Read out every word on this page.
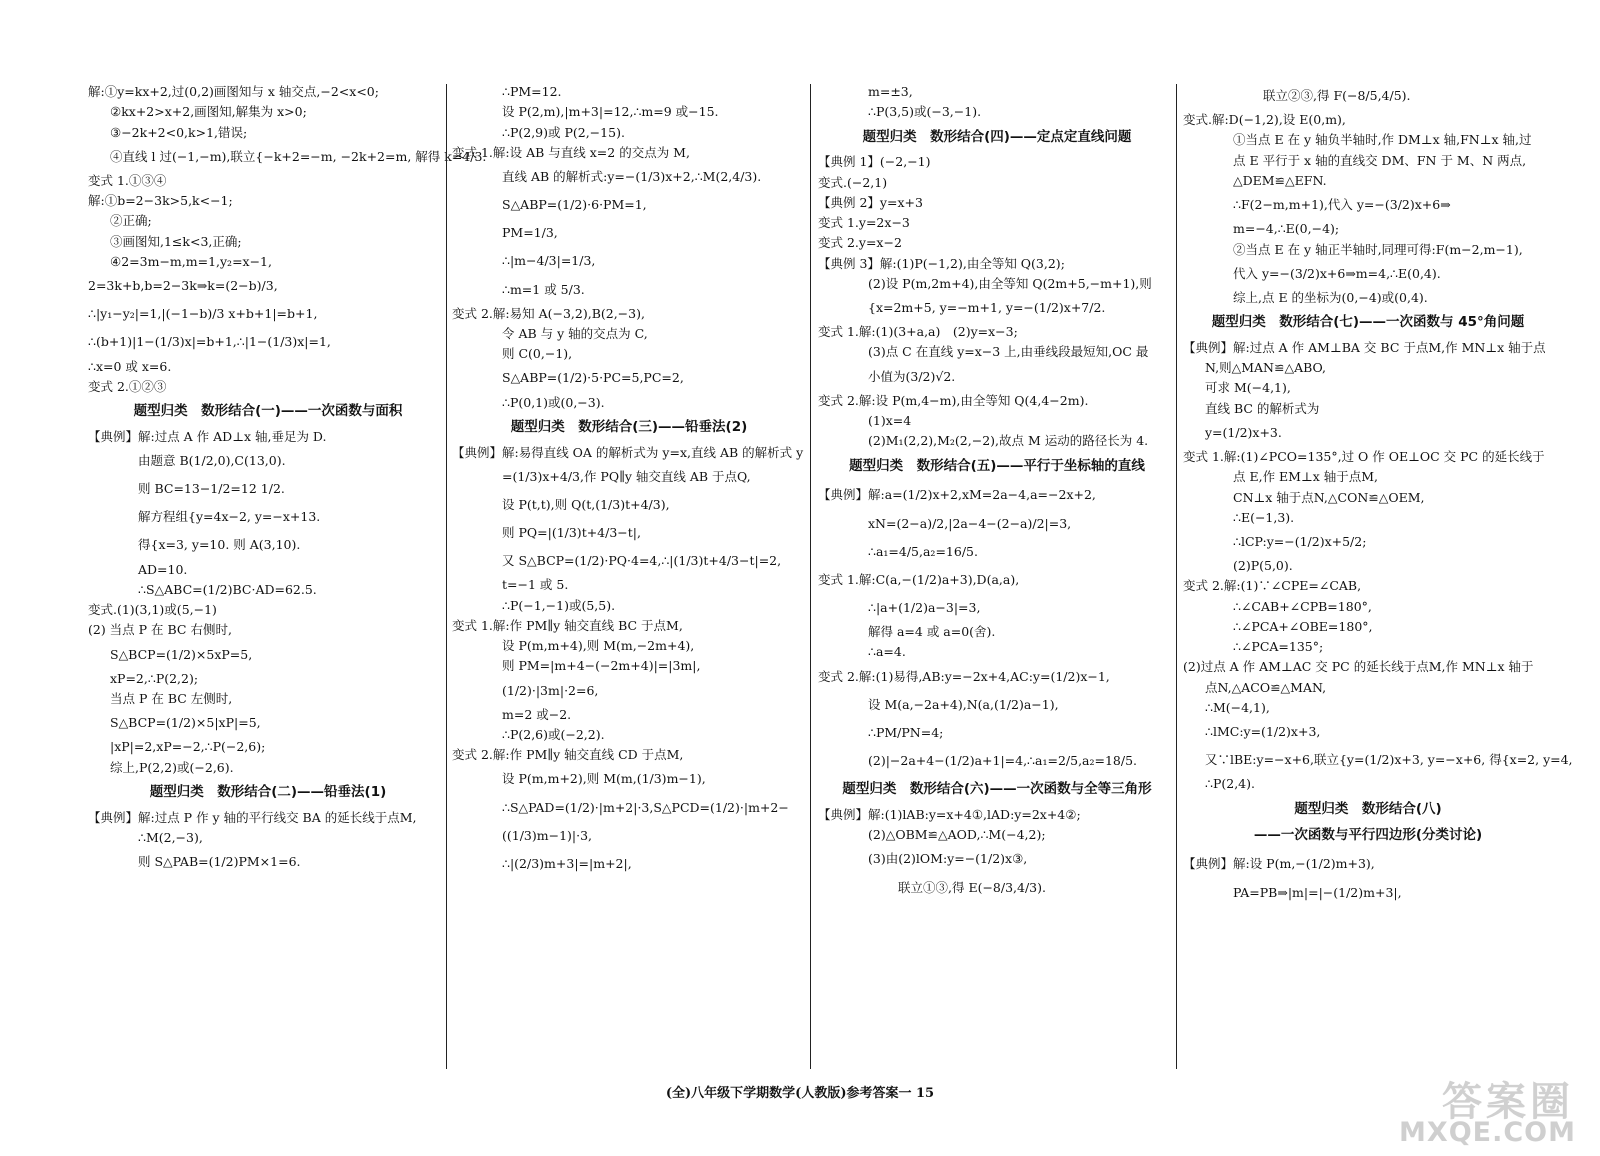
解:①y=kx+2,过(0,2)画图知与 x 轴交点,−2<x<0;
②kx+2>x+2,画图知,解集为 x>0;
③−2k+2<0,k>1,错误;
④直线 l 过(−1,−m),联立{−k+2=−m, −2k+2=m, 解得 k=4/3.
变式 1.①③④
解:①b=2−3k>5,k<−1;
②正确;
③画图知,1≤k<3,正确;
④2=3m−m,m=1,y₂=x−1,
2=3k+b,b=2−3k⇒k=(2−b)/3,
∴|y₁−y₂|=1,|(−1−b)/3 x+b+1|=b+1,
∴(b+1)|1−(1/3)x|=b+1,∴|1−(1/3)x|=1,
∴x=0 或 x=6.
变式 2.①②③
题型归类　数形结合(一)——一次函数与面积
【典例】解:过点 A 作 AD⊥x 轴,垂足为 D.
由题意 B(1/2,0),C(13,0).
则 BC=13−1/2=12 1/2.
解方程组{y=4x−2, y=−x+13.
得{x=3, y=10. 则 A(3,10).
AD=10.
∴S△ABC=(1/2)BC·AD=62.5.
变式.(1)(3,1)或(5,−1)
(2) 当点 P 在 BC 右侧时,
S△BCP=(1/2)×5xP=5,
xP=2,∴P(2,2);
当点 P 在 BC 左侧时,
S△BCP=(1/2)×5|xP|=5,
|xP|=2,xP=−2,∴P(−2,6);
综上,P(2,2)或(−2,6).
题型归类　数形结合(二)——铅垂法(1)
【典例】解:过点 P 作 y 轴的平行线交 BA 的延长线于点M,
∴M(2,−3),
则 S△PAB=(1/2)PM×1=6.
∴PM=12.
设 P(2,m),|m+3|=12,∴m=9 或−15.
∴P(2,9)或 P(2,−15).
变式 1.解:设 AB 与直线 x=2 的交点为 M,
直线 AB 的解析式:y=−(1/3)x+2,∴M(2,4/3).
S△ABP=(1/2)·6·PM=1,
PM=1/3,
∴|m−4/3|=1/3,
∴m=1 或 5/3.
变式 2.解:易知 A(−3,2),B(2,−3),
令 AB 与 y 轴的交点为 C,
则 C(0,−1),
S△ABP=(1/2)·5·PC=5,PC=2,
∴P(0,1)或(0,−3).
题型归类　数形结合(三)——铅垂法(2)
【典例】解:易得直线 OA 的解析式为 y=x,直线 AB 的解析式 y
=(1/3)x+4/3,作 PQ∥y 轴交直线 AB 于点Q,
设 P(t,t),则 Q(t,(1/3)t+4/3),
则 PQ=|(1/3)t+4/3−t|,
又 S△BCP=(1/2)·PQ·4=4,∴|(1/3)t+4/3−t|=2,
t=−1 或 5.
∴P(−1,−1)或(5,5).
变式 1.解:作 PM∥y 轴交直线 BC 于点M,
设 P(m,m+4),则 M(m,−2m+4),
则 PM=|m+4−(−2m+4)|=|3m|,
(1/2)·|3m|·2=6,
m=2 或−2.
∴P(2,6)或(−2,2).
变式 2.解:作 PM∥y 轴交直线 CD 于点M,
设 P(m,m+2),则 M(m,(1/3)m−1),
∴S△PAD=(1/2)·|m+2|·3,S△PCD=(1/2)·|m+2−
((1/3)m−1)|·3,
∴|(2/3)m+3|=|m+2|,
m=±3,
∴P(3,5)或(−3,−1).
题型归类　数形结合(四)——定点定直线问题
【典例 1】(−2,−1)
变式.(−2,1)
【典例 2】y=x+3
变式 1.y=2x−3
变式 2.y=x−2
【典例 3】解:(1)P(−1,2),由全等知 Q(3,2);
(2)设 P(m,2m+4),由全等知 Q(2m+5,−m+1),则
{x=2m+5, y=−m+1, y=−(1/2)x+7/2.
变式 1.解:(1)(3+a,a)　(2)y=x−3;
(3)点 C 在直线 y=x−3 上,由垂线段最短知,OC 最
小值为(3/2)√2.
变式 2.解:设 P(m,4−m),由全等知 Q(4,4−2m).
(1)x=4
(2)M₁(2,2),M₂(2,−2),故点 M 运动的路径长为 4.
题型归类　数形结合(五)——平行于坐标轴的直线
【典例】解:a=(1/2)x+2,xM=2a−4,a=−2x+2,
xN=(2−a)/2,|2a−4−(2−a)/2|=3,
∴a₁=4/5,a₂=16/5.
变式 1.解:C(a,−(1/2)a+3),D(a,a),
∴|a+(1/2)a−3|=3,
解得 a=4 或 a=0(舍).
∴a=4.
变式 2.解:(1)易得,AB:y=−2x+4,AC:y=(1/2)x−1,
设 M(a,−2a+4),N(a,(1/2)a−1),
∴PM/PN=4;
(2)|−2a+4−(1/2)a+1|=4,∴a₁=2/5,a₂=18/5.
题型归类　数形结合(六)——一次函数与全等三角形
【典例】解:(1)lAB:y=x+4①,lAD:y=2x+4②;
(2)△OBM≌△AOD,∴M(−4,2);
(3)由(2)lOM:y=−(1/2)x③,
联立①③,得 E(−8/3,4/3).
联立②③,得 F(−8/5,4/5).
变式.解:D(−1,2),设 E(0,m),
①当点 E 在 y 轴负半轴时,作 DM⊥x 轴,FN⊥x 轴,过
点 E 平行于 x 轴的直线交 DM、FN 于 M、N 两点,
△DEM≌△EFN.
∴F(2−m,m+1),代入 y=−(3/2)x+6⇒
m=−4,∴E(0,−4);
②当点 E 在 y 轴正半轴时,同理可得:F(m−2,m−1),
代入 y=−(3/2)x+6⇒m=4,∴E(0,4).
综上,点 E 的坐标为(0,−4)或(0,4).
题型归类　数形结合(七)——一次函数与 45°角问题
【典例】解:过点 A 作 AM⊥BA 交 BC 于点M,作 MN⊥x 轴于点
N,则△MAN≌△ABO,
可求 M(−4,1),
直线 BC 的解析式为
y=(1/2)x+3.
变式 1.解:(1)∠PCO=135°,过 O 作 OE⊥OC 交 PC 的延长线于
点 E,作 EM⊥x 轴于点M,
CN⊥x 轴于点N,△CON≌△OEM,
∴E(−1,3).
∴lCP:y=−(1/2)x+5/2;
(2)P(5,0).
变式 2.解:(1)∵∠CPE=∠CAB,
∴∠CAB+∠CPB=180°,
∴∠PCA+∠OBE=180°,
∴∠PCA=135°;
(2)过点 A 作 AM⊥AC 交 PC 的延长线于点M,作 MN⊥x 轴于
点N,△ACO≌△MAN,
∴M(−4,1),
∴lMC:y=(1/2)x+3,
又∵lBE:y=−x+6,联立{y=(1/2)x+3, y=−x+6, 得{x=2, y=4,
∴P(2,4).
题型归类　数形结合(八)
——一次函数与平行四边形(分类讨论)
【典例】解:设 P(m,−(1/2)m+3),
PA=PB⇒|m|=|−(1/2)m+3|,
(全)八年级下学期数学(人教版)参考答案一 15	答案圈
MXQE.COM
